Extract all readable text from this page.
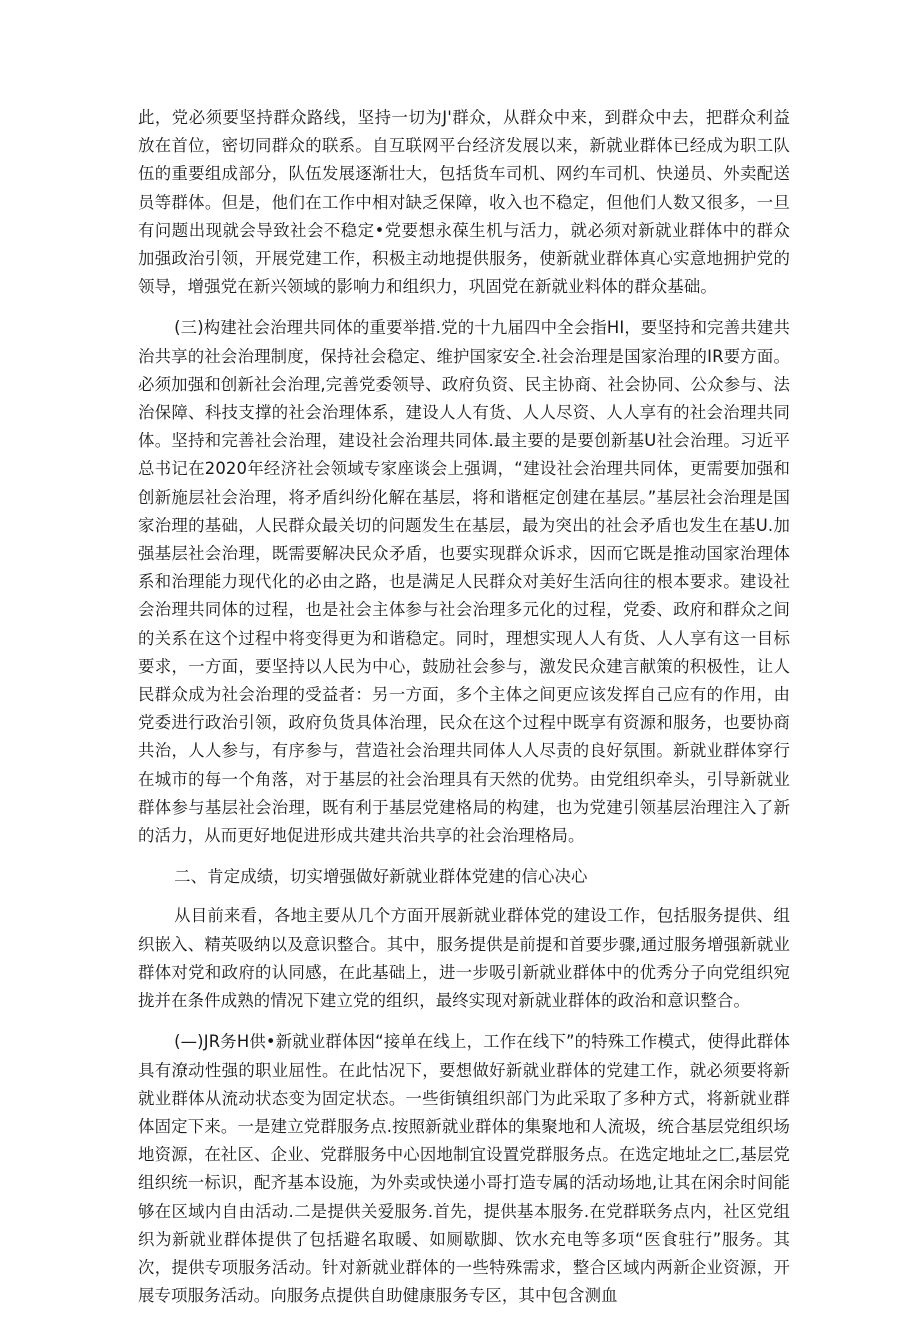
此，党必须要坚持群众路线，坚持一切为J'群众，从群众中来，到群众中去，把群众利益放在首位，密切同群众的联系。自互联网平台经济发展以来，新就业群体已经成为职工队伍的重要组成部分，队伍发展逐渐壮大，包括货车司机、网约车司机、快递员、外卖配送员等群体。但是，他们在工作中相对缺乏保障，收入也不稳定，但他们人数又很多，一旦有问题出现就会导致社会不稳定•党要想永葆生机与活力，就必须对新就业群体中的群众加强政治引领，开展党建工作，积极主动地提供服务，使新就业群体真心实意地拥护党的领导，增强党在新兴领域的影响力和组织力，巩固党在新就业料体的群众基础。

(三)构建社会治理共同体的重要举措.党的十九届四中全会指HI，要坚持和完善共建共治共享的社会治理制度，保持社会稳定、维护国家安全.社会治理是国家治理的IR要方面。必须加强和创新社会治理,完善党委领导、政府负资、民主协商、社会协同、公众参与、法治保障、科技支撑的社会治理体系，建设人人有货、人人尽资、人人享有的社会治理共同体。坚持和完善社会治理，建设社会治理共同体.最主要的是要创新基U社会治理。习近平总书记在2020年经济社会领域专家座谈会上强调，“建设社会治理共同体，更需要加强和创新施层社会治理，将矛盾纠纷化解在基层，将和谐框定创建在基层。”基层社会治理是国家治理的基础，人民群众最关切的问题发生在基层，最为突出的社会矛盾也发生在基U.加强基层社会治理，既需要解决民众矛盾，也要实现群众诉求，因而它既是推动国家治理体系和治理能力现代化的必由之路，也是满足人民群众对美好生活向往的根本要求。建设社会治理共同体的过程，也是社会主体参与社会治理多元化的过程，党委、政府和群众之间的关系在这个过程中将变得更为和谐稳定。同时，理想实现人人有货、人人享有这一目标要求，一方面，要坚持以人民为中心，鼓励社会参与，激发民众建言献策的积极性，让人民群众成为社会治理的受益者：另一方面，多个主体之间更应该发挥自己应有的作用，由党委进行政治引领，政府负货具体治理，民众在这个过程中既享有资源和服务，也要协商共治，人人参与，有序参与，营造社会治理共同体人人尽责的良好氛围。新就业群体穿行在城市的每一个角落，对于基层的社会治理具有天然的优势。由党组织牵头，引导新就业群体参与基层社会治理，既有利于基层党建格局的构建，也为党建引领基层治理注入了新的活力，从而更好地促进形成共建共治共享的社会治理格局。

二、肯定成绩，切实增强做好新就业群体党建的信心决心

从目前来看，各地主要从几个方面开展新就业群体党的建设工作，包括服务提供、组织嵌入、精英吸纳以及意识整合。其中，服务提供是前提和首要步骤,通过服务增强新就业群体对党和政府的认同感，在此基础上，进一步吸引新就业群体中的优秀分子向党组织宛拢并在条件成熟的情况下建立党的组织，最终实现对新就业群体的政治和意识整合。

(—)JR务H供•新就业群体因“接单在线上，工作在线下”的特殊工作模式，使得此群体具有潦动性强的职业屈性。在此怙况下，要想做好新就业群体的党建工作，就必须要将新就业群体从流动状态变为固定状态。一些街镇组织部门为此采取了多种方式，将新就业群体固定下来。一是建立党群服务点.按照新就业群体的集聚地和人流圾，统合基层党组织场地资源，在社区、企业、党群服务中心因地制宜设置党群服务点。在选定地址之匚,基层党组织统一标识，配齐基本设施，为外卖或快递小哥打造专属的活动场地,让其在闲余时间能够在区域内自由活动.二是提供关爱服务.首先，提供基本服务.在党群联务点内，社区党组织为新就业群体提供了包括避名取暖、如厕歇脚、饮水充电等多项“医食驻行”服务。其次，提供专项服务活动。针对新就业群体的一些特殊需求，整合区域内两新企业资源，开展专项服务活动。向服务点提供自助健康服务专区，其中包含测血
